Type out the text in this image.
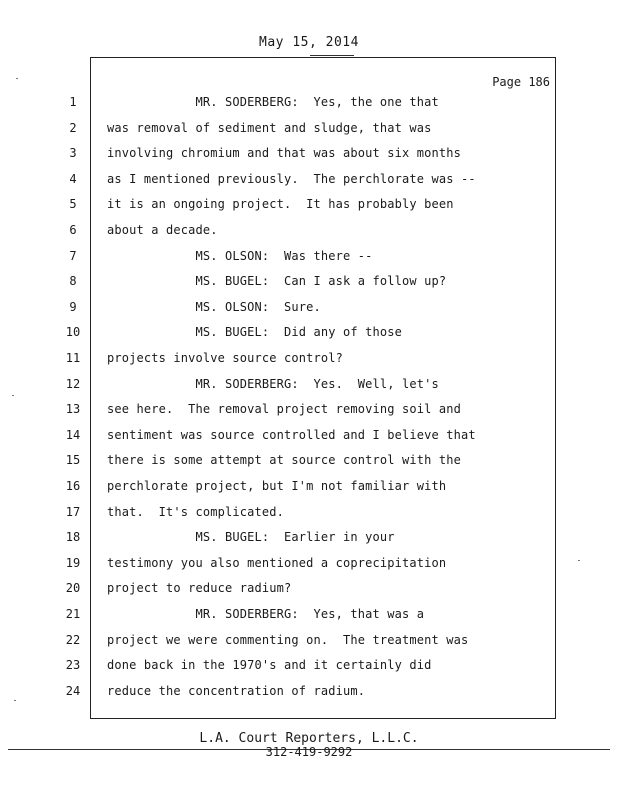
May 15, 2014
Page 186
1	MR. SODERBERG:  Yes, the one that
2	was removal of sediment and sludge, that was
3	involving chromium and that was about six months
4	as I mentioned previously.  The perchlorate was --
5	it is an ongoing project.  It has probably been
6	about a decade.
7	MS. OLSON:  Was there --
8	MS. BUGEL:  Can I ask a follow up?
9	MS. OLSON:  Sure.
10	MS. BUGEL:  Did any of those
11	projects involve source control?
12	MR. SODERBERG:  Yes.  Well, let's
13	see here.  The removal project removing soil and
14	sentiment was source controlled and I believe that
15	there is some attempt at source control with the
16	perchlorate project, but I'm not familiar with
17	that.  It's complicated.
18	MS. BUGEL:  Earlier in your
19	testimony you also mentioned a coprecipitation
20	project to reduce radium?
21	MR. SODERBERG:  Yes, that was a
22	project we were commenting on.  The treatment was
23	done back in the 1970's and it certainly did
24	reduce the concentration of radium.
L.A. Court Reporters, L.L.C.
312-419-9292
